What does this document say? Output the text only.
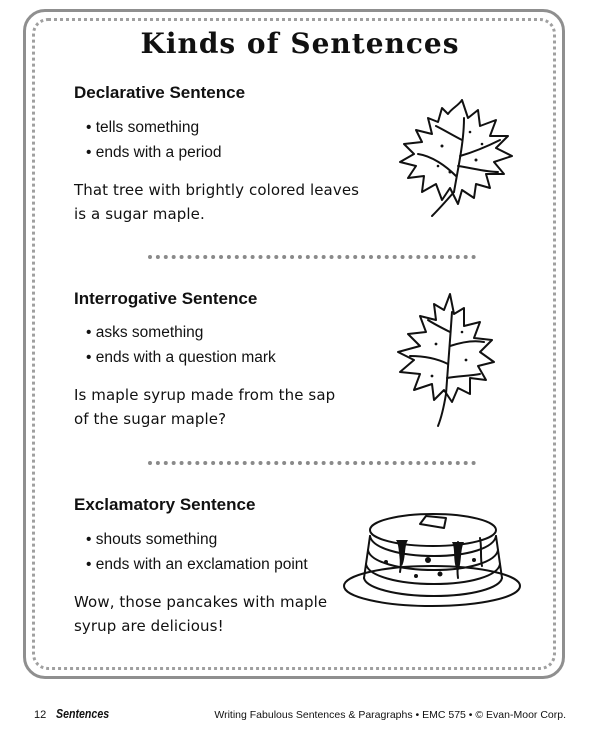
Kinds of Sentences
Declarative Sentence
• tells something
• ends with a period

That tree with brightly colored leaves
is a sugar maple.

Interrogative Sentence
• asks something
• ends with a question mark

Is maple syrup made from the sap
of the sugar maple?

Exclamatory Sentence
• shouts something
• ends with an exclamation point

Wow, those pancakes with maple
syrup are delicious!

12 Sentences	Writing Fabulous Sentences & Paragraphs • EMC 575 • © Evan-Moor Corp.
